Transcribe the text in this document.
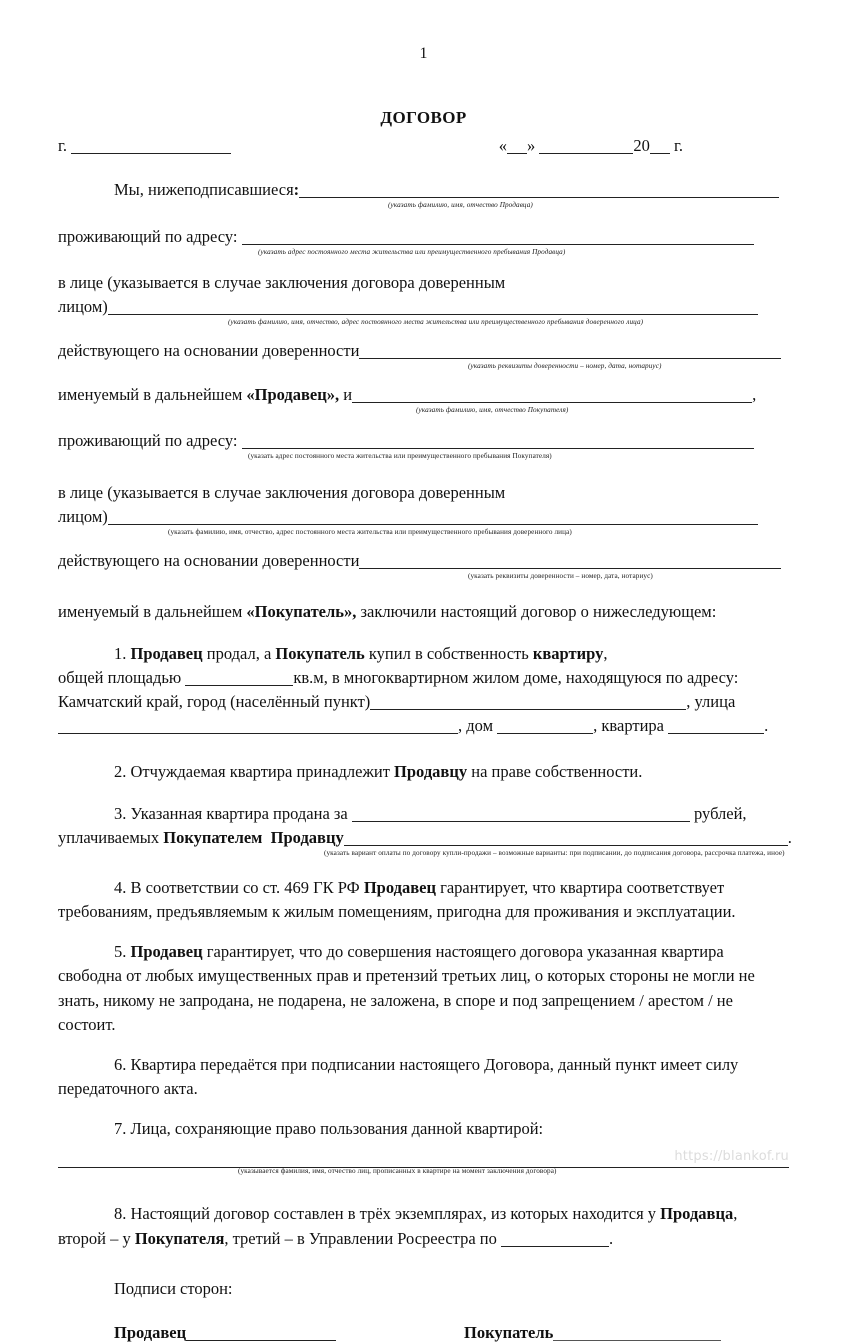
1
ДОГОВОР
г.	« »	20 г.
Мы, нижеподписавшиеся:
(указать фамилию, имя, отчество Продавца)
проживающий по адресу:
(указать адрес постоянного места жительства или преимущественного пребывания Продавца)
в лице (указывается в случае заключения договора доверенным
лицом)
(указать фамилию, имя, отчество, адрес постоянного места жительства или преимущественного пребывания доверенного лица)
действующего на основании доверенности
(указать реквизиты доверенности – номер, дата, нотариус)
именуемый в дальнейшем «Продавец», и	,
(указать фамилию, имя, отчество Покупателя)
проживающий по адресу:
(указать адрес постоянного места жительства или преимущественного пребывания Покупателя)
в лице (указывается в случае заключения договора доверенным
лицом)
(указать фамилию, имя, отчество, адрес постоянного места жительства или преимущественного пребывания доверенного лица)
действующего на основании доверенности
(указать реквизиты доверенности – номер, дата, нотариус)
именуемый в дальнейшем «Покупатель», заключили настоящий договор о нижеследующем:
1. Продавец продал, а Покупатель купил в собственность квартиру,
общей площадью	кв.м, в многоквартирном жилом доме, находящуюся по адресу:
Камчатский край, город (населённый пункт)	, улица
, дом	, квартира	.
2. Отчуждаемая квартира принадлежит Продавцу на праве собственности.
3. Указанная квартира продана за	рублей,
уплачиваемых Покупателем Продавцу	.
(указать вариант оплаты по договору купли-продажи – возможные варианты: при подписании, до подписания договора, рассрочка платежа, иное)
4. В соответствии со ст. 469 ГК РФ Продавец гарантирует, что квартира соответствует требованиям, предъявляемым к жилым помещениям, пригодна для проживания и эксплуатации.
5. Продавец гарантирует, что до совершения настоящего договора указанная квартира свободна от любых имущественных прав и претензий третьих лиц, о которых стороны не могли не знать, никому не запродана, не подарена, не заложена, в споре и под запрещением / арестом / не состоит.
6. Квартира передаётся при подписании настоящего Договора, данный пункт имеет силу передаточного акта.
7. Лица, сохраняющие право пользования данной квартирой:
(указывается фамилия, имя, отчество лиц, прописанных в квартире на момент заключения договора)
8. Настоящий договор составлен в трёх экземплярах, из которых находится у Продавца, второй – у Покупателя, третий – в Управлении Росреестра по	.
Подписи сторон:
Продавец	Покупатель
https://blankof.ru
